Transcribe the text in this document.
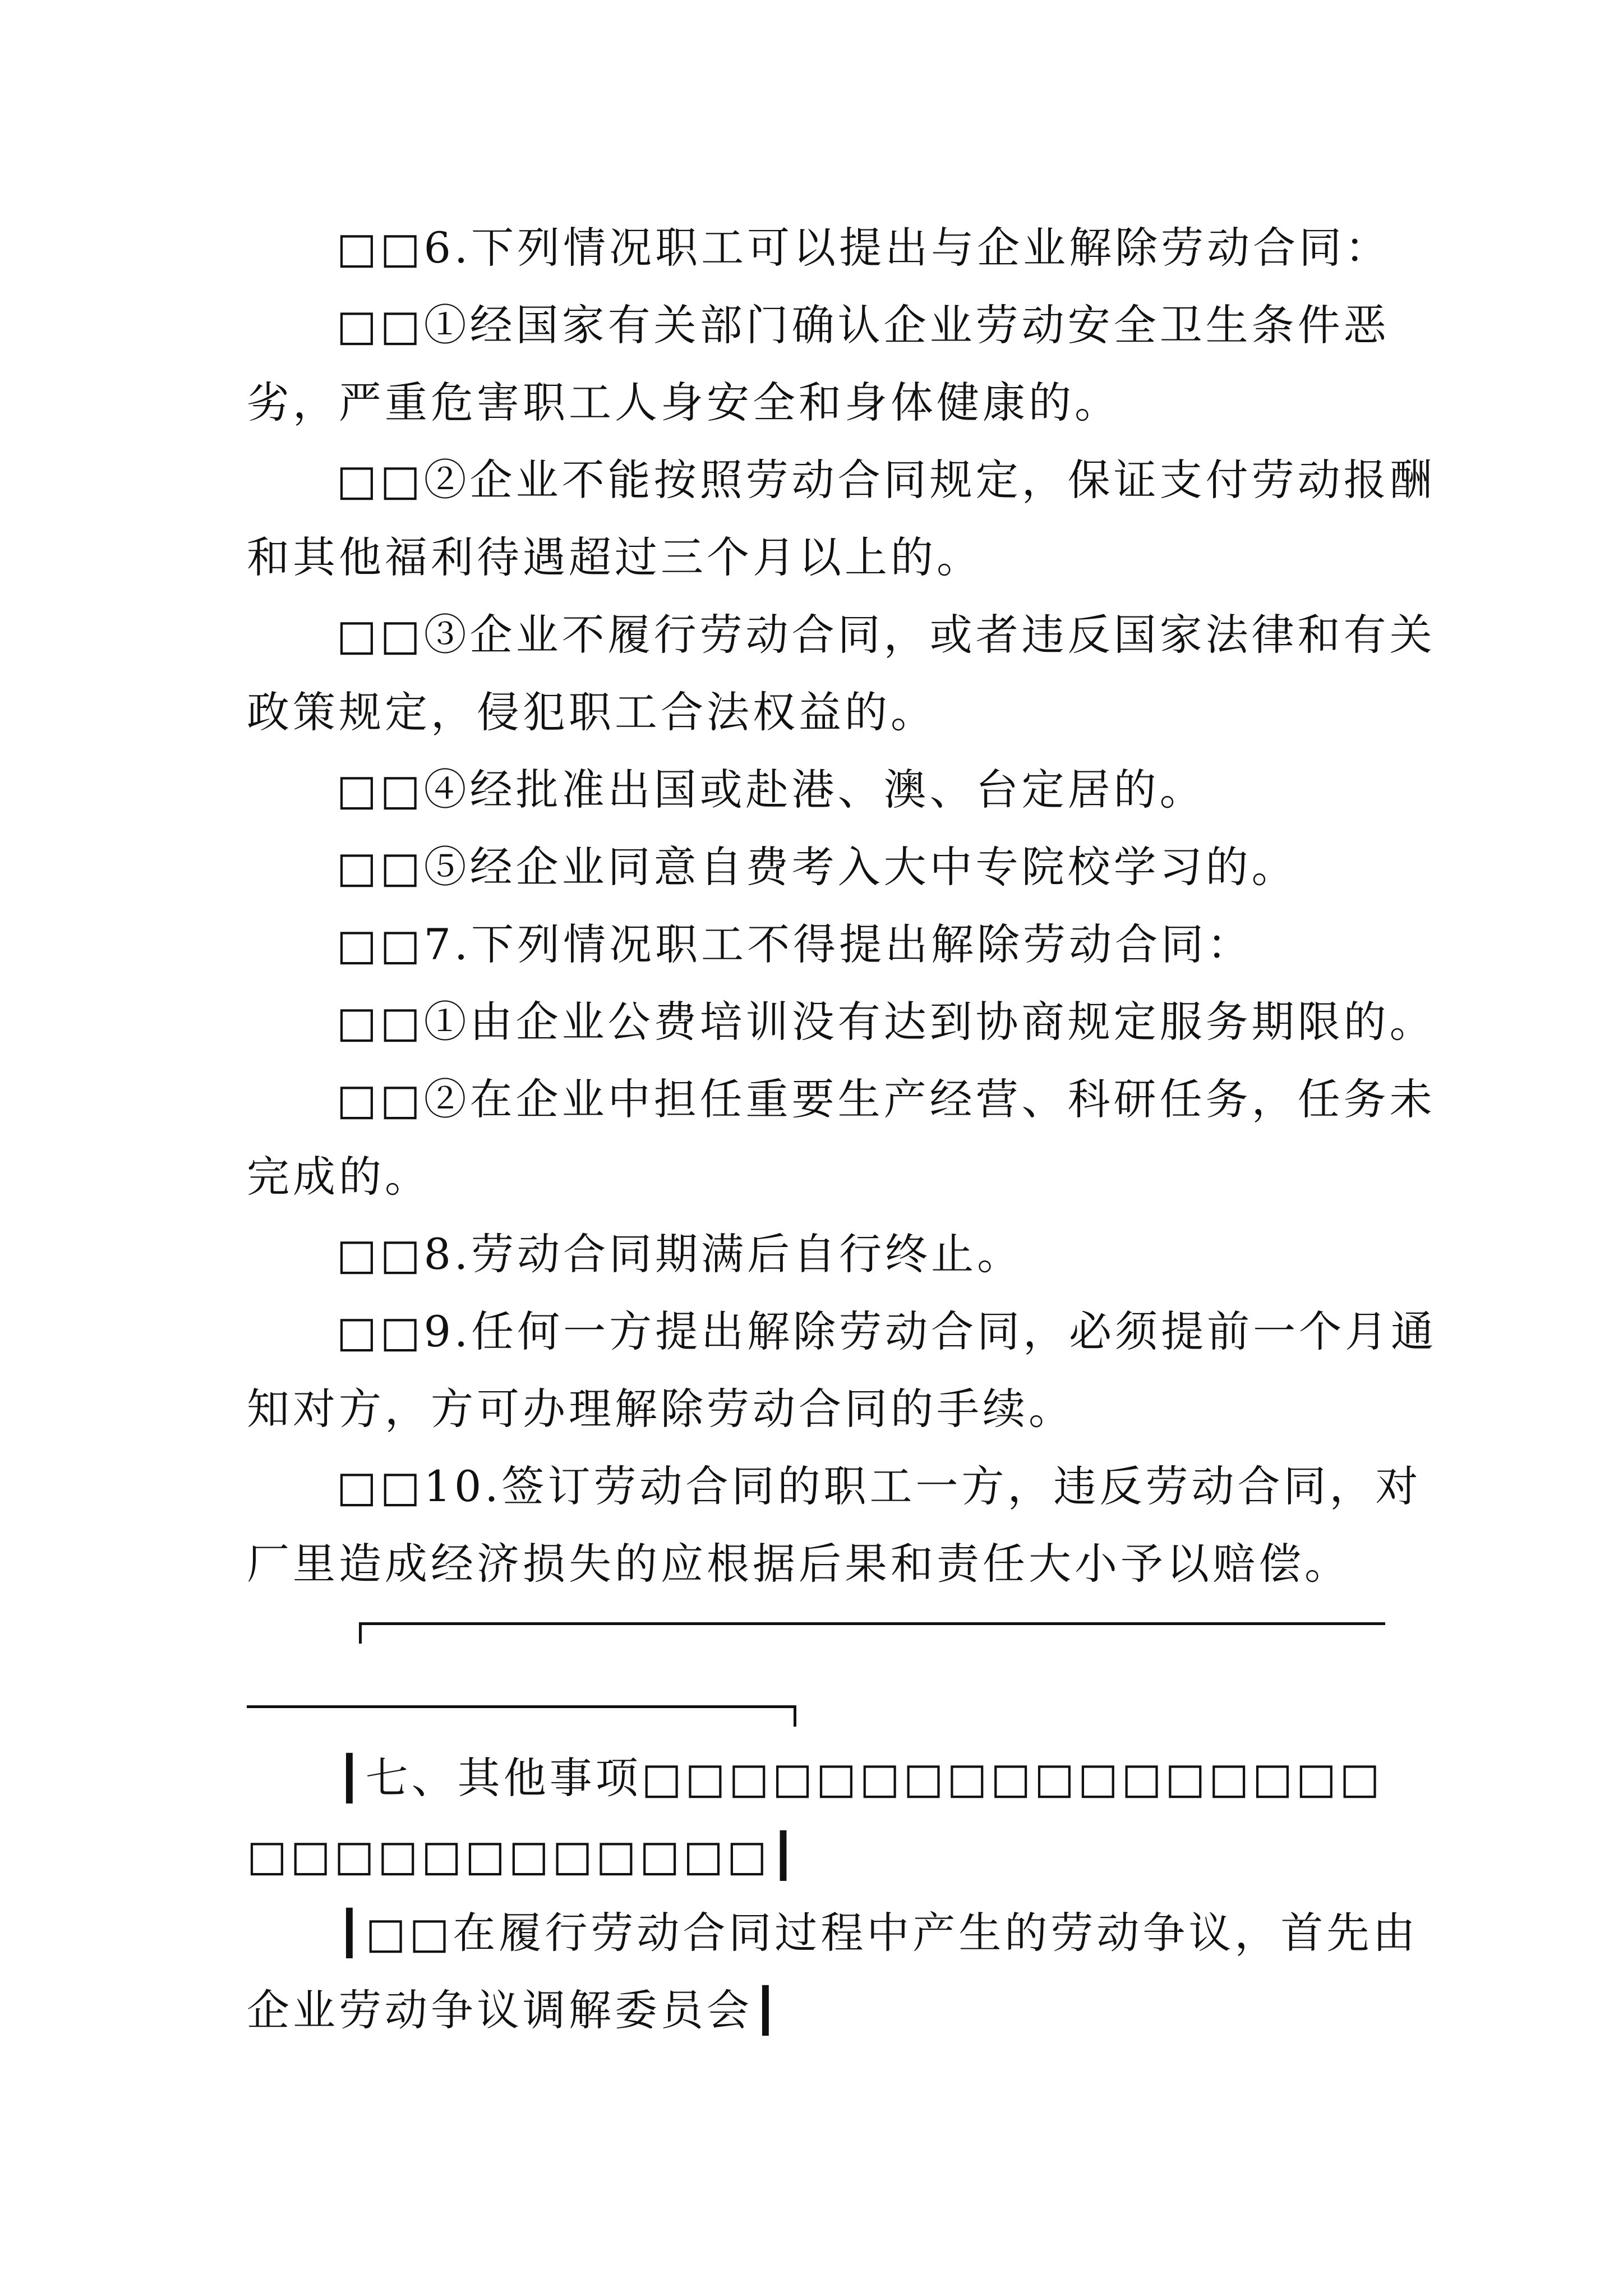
□□6.下列情况职工可以提出与企业解除劳动合同：
□□①经国家有关部门确认企业劳动安全卫生条件恶
劣，严重危害职工人身安全和身体健康的。
□□②企业不能按照劳动合同规定，保证支付劳动报酬
和其他福利待遇超过三个月以上的。
□□③企业不履行劳动合同，或者违反国家法律和有关
政策规定，侵犯职工合法权益的。
□□④经批准出国或赴港、澳、台定居的。
□□⑤经企业同意自费考入大中专院校学习的。
□□7.下列情况职工不得提出解除劳动合同：
□□①由企业公费培训没有达到协商规定服务期限的。
□□②在企业中担任重要生产经营、科研任务，任务未
完成的。
□□8.劳动合同期满后自行终止。
□□9.任何一方提出解除劳动合同，必须提前一个月通
知对方，方可办理解除劳动合同的手续。
□□10.签订劳动合同的职工一方，违反劳动合同，对
厂里造成经济损失的应根据后果和责任大小予以赔偿。
┃七、其他事项□□□□□□□□□□□□□□□□□
□□□□□□□□□□□□┃
┃□□在履行劳动合同过程中产生的劳动争议，首先由
企业劳动争议调解委员会┃
